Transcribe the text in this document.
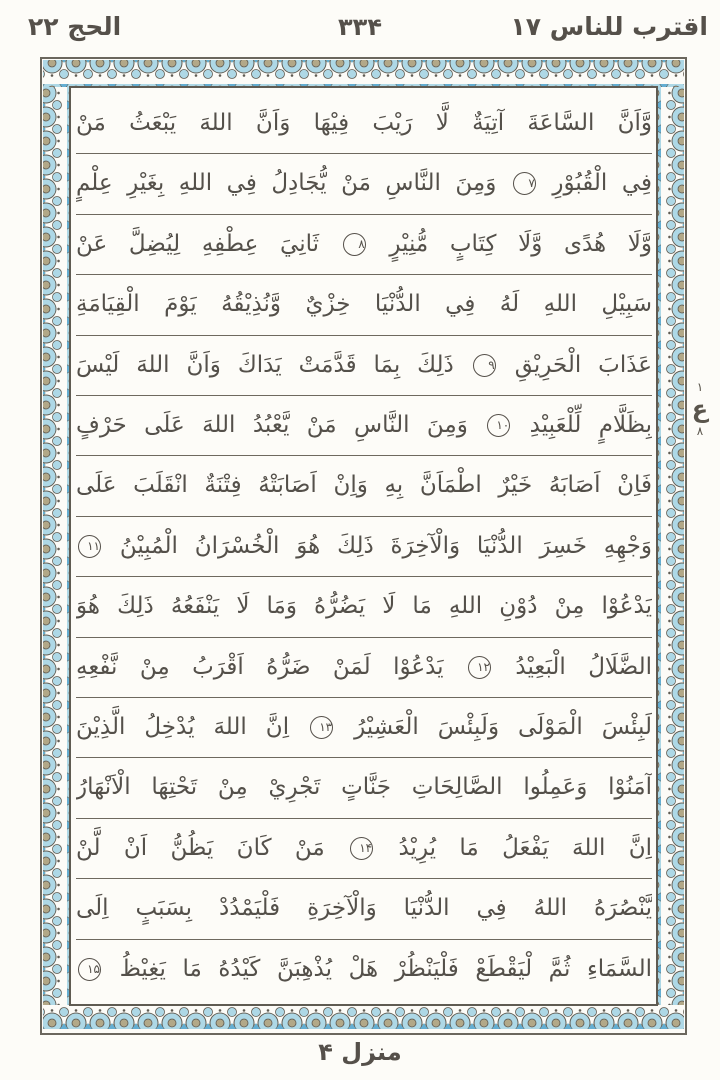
الحج ۲۲	۳۳۴	اقترب للناس ۱۷
وَّاَنَّ السَّاعَةَ آتِيَةٌ لَّا رَيْبَ فِيْهَا وَاَنَّ اللهَ يَبْعَثُ مَنْ
فِي الْقُبُوْرِ ۷ وَمِنَ النَّاسِ مَنْ يُّجَادِلُ فِي اللهِ بِغَيْرِ عِلْمٍ
وَّلَا هُدًى وَّلَا كِتَابٍ مُّنِيْرٍ ۸ ثَانِيَ عِطْفِهِ لِيُضِلَّ عَنْ
سَبِيْلِ اللهِ لَهُ فِي الدُّنْيَا خِزْيٌ وَّنُذِيْقُهُ يَوْمَ الْقِيَامَةِ
عَذَابَ الْحَرِيْقِ ۹ ذَلِكَ بِمَا قَدَّمَتْ يَدَاكَ وَاَنَّ اللهَ لَيْسَ
بِظَلَّامٍ لِّلْعَبِيْدِ ۱۰ وَمِنَ النَّاسِ مَنْ يَّعْبُدُ اللهَ عَلَى حَرْفٍ
فَاِنْ اَصَابَهُ خَيْرٌ اطْمَاَنَّ بِهِ وَاِنْ اَصَابَتْهُ فِتْنَةٌ انْقَلَبَ عَلَى
وَجْهِهِ خَسِرَ الدُّنْيَا وَالْآخِرَةَ ذَلِكَ هُوَ الْخُسْرَانُ الْمُبِيْنُ ۱۱
يَدْعُوْا مِنْ دُوْنِ اللهِ مَا لَا يَضُرُّهُ وَمَا لَا يَنْفَعُهُ ذَلِكَ هُوَ
الضَّلَالُ الْبَعِيْدُ ۱۲ يَدْعُوْا لَمَنْ ضَرُّهُ اَقْرَبُ مِنْ نَّفْعِهِ
لَبِئْسَ الْمَوْلَى وَلَبِئْسَ الْعَشِيْرُ ۱۳ اِنَّ اللهَ يُدْخِلُ الَّذِيْنَ
آمَنُوْا وَعَمِلُوا الصَّالِحَاتِ جَنَّاتٍ تَجْرِيْ مِنْ تَحْتِهَا الْاَنْهَارُ
اِنَّ اللهَ يَفْعَلُ مَا يُرِيْدُ ۱۴ مَنْ كَانَ يَظُنُّ اَنْ لَّنْ
يَّنْصُرَهُ اللهُ فِي الدُّنْيَا وَالْآخِرَةِ فَلْيَمْدُدْ بِسَبَبٍ اِلَى
السَّمَاءِ ثُمَّ لْيَقْطَعْ فَلْيَنْظُرْ هَلْ يُذْهِبَنَّ كَيْدُهُ مَا يَغِيْظُ ۱۵
۱
ع
۸
منزل ۴
